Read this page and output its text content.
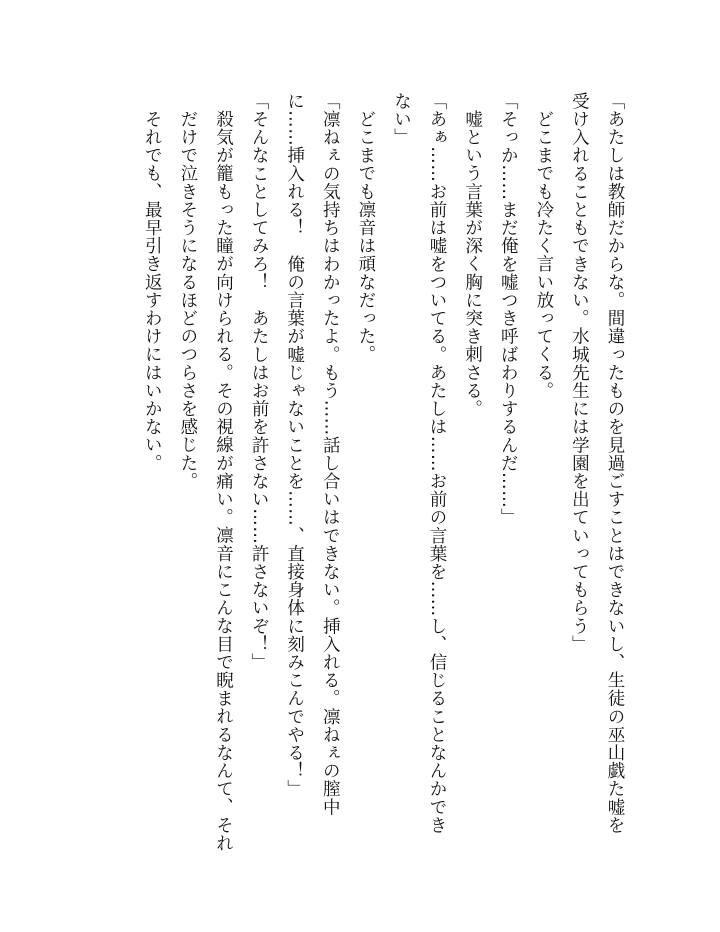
「あたしは教師だからな。間違ったものを見過ごすことはできないし、生徒の巫山戯た嘘を受け入れることもできない。水城先生には学園を出ていってもらう」

どこまでも冷たく言い放ってくる。

「そっか……まだ俺を嘘つき呼ばわりするんだ……」

嘘という言葉が深く胸に突き刺さる。

「あぁ……お前は嘘をついてる。あたしは……お前の言葉を……し、信じることなんかできない」

どこまでも凛音は頑なだった。

「凛ねぇの気持ちはわかったよ。もう……話し合いはできない。挿入れる。凛ねぇの膣中に……挿入れる！　俺の言葉が嘘じゃないことを……、直接身体に刻みこんでやる！」

「そんなことしてみろ！　あたしはお前を許さない……許さないぞ！」

殺気が籠もった瞳が向けられる。その視線が痛い。凛音にこんな目で睨まれるなんて、それだけで泣きそうになるほどのつらさを感じた。

それでも、最早引き返すわけにはいかない。
